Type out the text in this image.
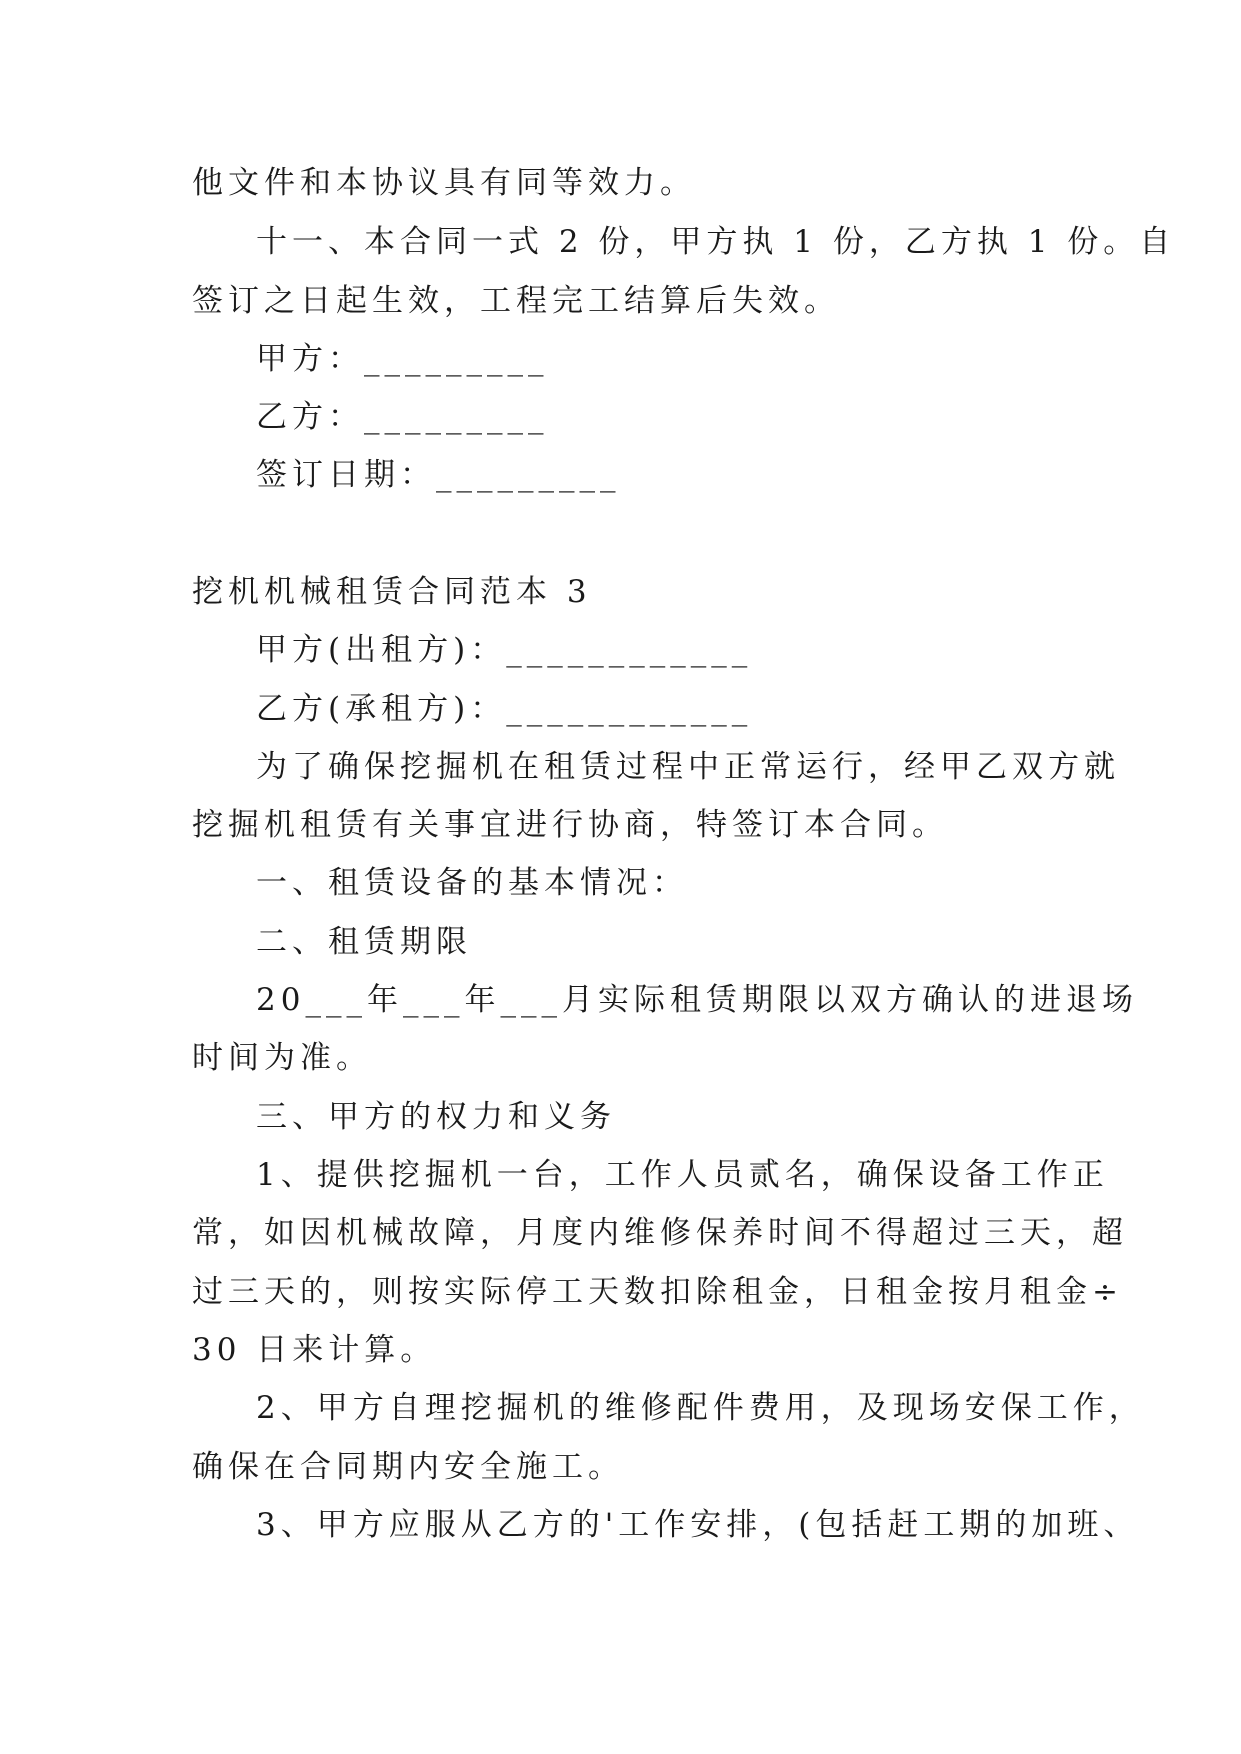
他文件和本协议具有同等效力。
十一、本合同一式 2 份，甲方执 1 份，乙方执 1 份。自
签订之日起生效，工程完工结算后失效。
甲方：_________
乙方：_________
签订日期：_________
挖机机械租赁合同范本 3
甲方(出租方)：____________
乙方(承租方)：____________
为了确保挖掘机在租赁过程中正常运行，经甲乙双方就
挖掘机租赁有关事宜进行协商，特签订本合同。
一、租赁设备的基本情况：
二、租赁期限
20___年___年___月实际租赁期限以双方确认的进退场
时间为准。
三、甲方的权力和义务
1、提供挖掘机一台，工作人员贰名，确保设备工作正
常，如因机械故障，月度内维修保养时间不得超过三天，超
过三天的，则按实际停工天数扣除租金，日租金按月租金÷
30 日来计算。
2、甲方自理挖掘机的维修配件费用，及现场安保工作，
确保在合同期内安全施工。
3、甲方应服从乙方的'工作安排，(包括赶工期的加班、
